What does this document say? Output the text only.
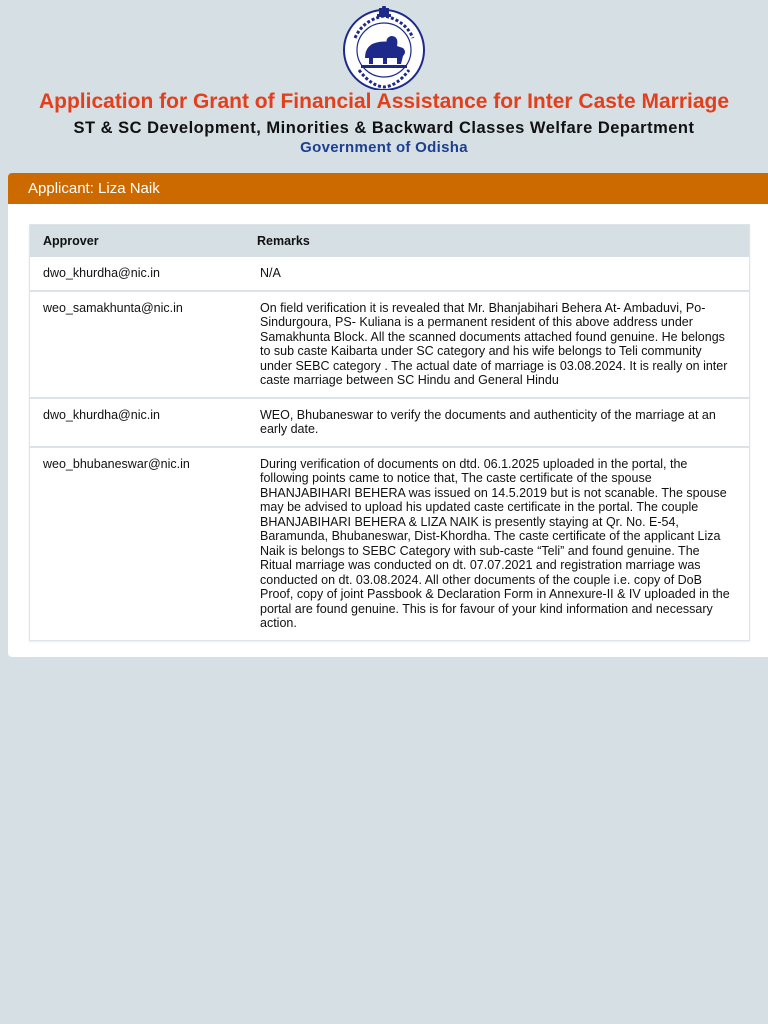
Application for Grant of Financial Assistance for Inter Caste Marriage
ST & SC Development, Minorities & Backward Classes Welfare Department
Government of Odisha
Applicant: Liza Naik
Approver	Remarks
dwo_khurdha@nic.in	N/A
weo_samakhunta@nic.in	On field verification it is revealed that Mr. Bhanjabihari Behera At- Ambaduvi, Po- Sindurgoura, PS- Kuliana is a permanent resident of this above address under Samakhunta Block. All the scanned documents attached found genuine. He belongs to sub caste Kaibarta under SC category and his wife belongs to Teli community under SEBC category . The actual date of marriage is 03.08.2024. It is really on inter caste marriage between SC Hindu and General Hindu
dwo_khurdha@nic.in	WEO, Bhubaneswar to verify the documents and authenticity of the marriage at an early date.
weo_bhubaneswar@nic.in	During verification of documents on dtd. 06.1.2025 uploaded in the portal, the following points came to notice that, The caste certificate of the spouse BHANJABIHARI BEHERA was issued on 14.5.2019 but is not scanable. The spouse may be advised to upload his updated caste certificate in the portal. The couple BHANJABIHARI BEHERA & LIZA NAIK is presently staying at Qr. No. E-54, Baramunda, Bhubaneswar, Dist-Khordha. The caste certificate of the applicant Liza Naik is belongs to SEBC Category with sub-caste “Teli” and found genuine. The Ritual marriage was conducted on dt. 07.07.2021 and registration marriage was conducted on dt. 03.08.2024. All other documents of the couple i.e. copy of DoB Proof, copy of joint Passbook & Declaration Form in Annexure-II & IV uploaded in the portal are found genuine. This is for favour of your kind information and necessary action.
